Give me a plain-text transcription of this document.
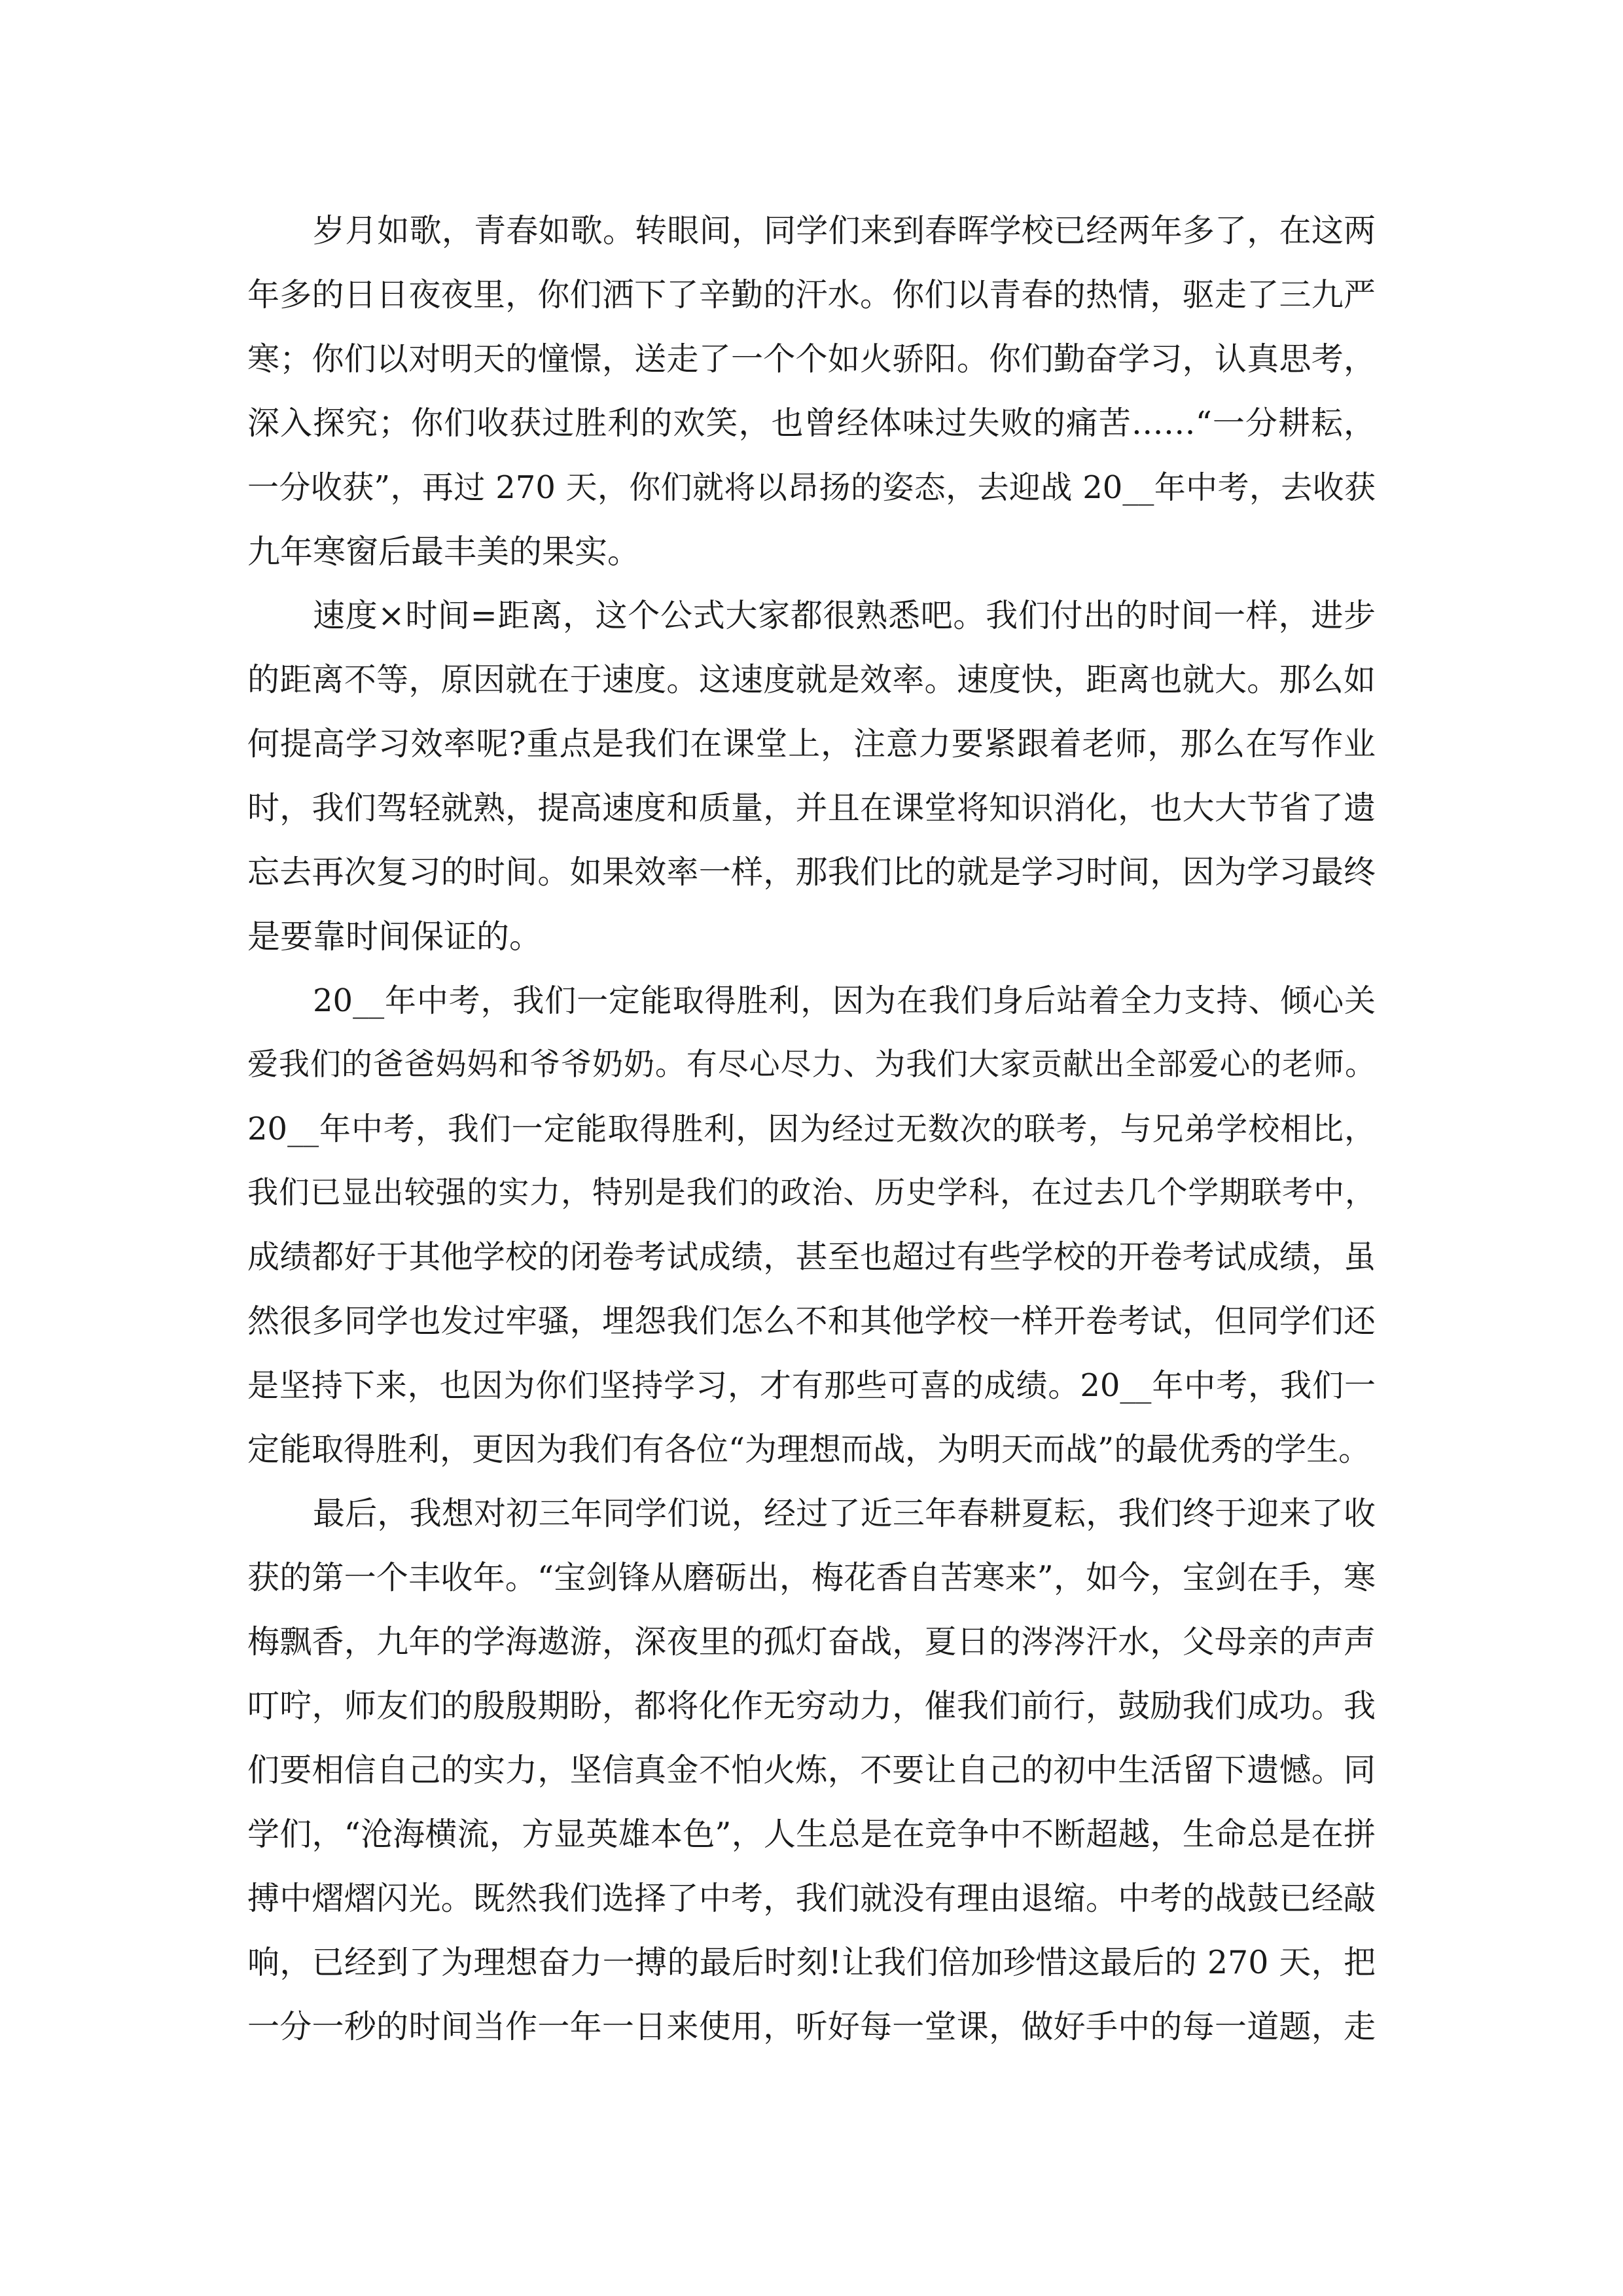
岁月如歌，青春如歌。转眼间，同学们来到春晖学校已经两年多了，在这两
年多的日日夜夜里，你们洒下了辛勤的汗水。你们以青春的热情，驱走了三九严
寒；你们以对明天的憧憬，送走了一个个如火骄阳。你们勤奋学习，认真思考，
深入探究；你们收获过胜利的欢笑，也曾经体味过失败的痛苦……“一分耕耘，
一分收获”，再过 270 天，你们就将以昂扬的姿态，去迎战 20__年中考，去收获
九年寒窗后最丰美的果实。
速度×时间=距离，这个公式大家都很熟悉吧。我们付出的时间一样，进步
的距离不等，原因就在于速度。这速度就是效率。速度快，距离也就大。那么如
何提高学习效率呢?重点是我们在课堂上，注意力要紧跟着老师，那么在写作业
时，我们驾轻就熟，提高速度和质量，并且在课堂将知识消化，也大大节省了遗
忘去再次复习的时间。如果效率一样，那我们比的就是学习时间，因为学习最终
是要靠时间保证的。
20__年中考，我们一定能取得胜利，因为在我们身后站着全力支持、倾心关
爱我们的爸爸妈妈和爷爷奶奶。有尽心尽力、为我们大家贡献出全部爱心的老师。
20__年中考，我们一定能取得胜利，因为经过无数次的联考，与兄弟学校相比，
我们已显出较强的实力，特别是我们的政治、历史学科，在过去几个学期联考中，
成绩都好于其他学校的闭卷考试成绩，甚至也超过有些学校的开卷考试成绩，虽
然很多同学也发过牢骚，埋怨我们怎么不和其他学校一样开卷考试，但同学们还
是坚持下来，也因为你们坚持学习，才有那些可喜的成绩。20__年中考，我们一
定能取得胜利，更因为我们有各位“为理想而战，为明天而战”的最优秀的学生。
最后，我想对初三年同学们说，经过了近三年春耕夏耘，我们终于迎来了收
获的第一个丰收年。“宝剑锋从磨砺出，梅花香自苦寒来”，如今，宝剑在手，寒
梅飘香，九年的学海遨游，深夜里的孤灯奋战，夏日的涔涔汗水，父母亲的声声
叮咛，师友们的殷殷期盼，都将化作无穷动力，催我们前行，鼓励我们成功。我
们要相信自己的实力，坚信真金不怕火炼，不要让自己的初中生活留下遗憾。同
学们，“沧海横流，方显英雄本色”，人生总是在竞争中不断超越，生命总是在拼
搏中熠熠闪光。既然我们选择了中考，我们就没有理由退缩。中考的战鼓已经敲
响，已经到了为理想奋力一搏的最后时刻!让我们倍加珍惜这最后的 270 天，把
一分一秒的时间当作一年一日来使用，听好每一堂课，做好手中的每一道题，走
